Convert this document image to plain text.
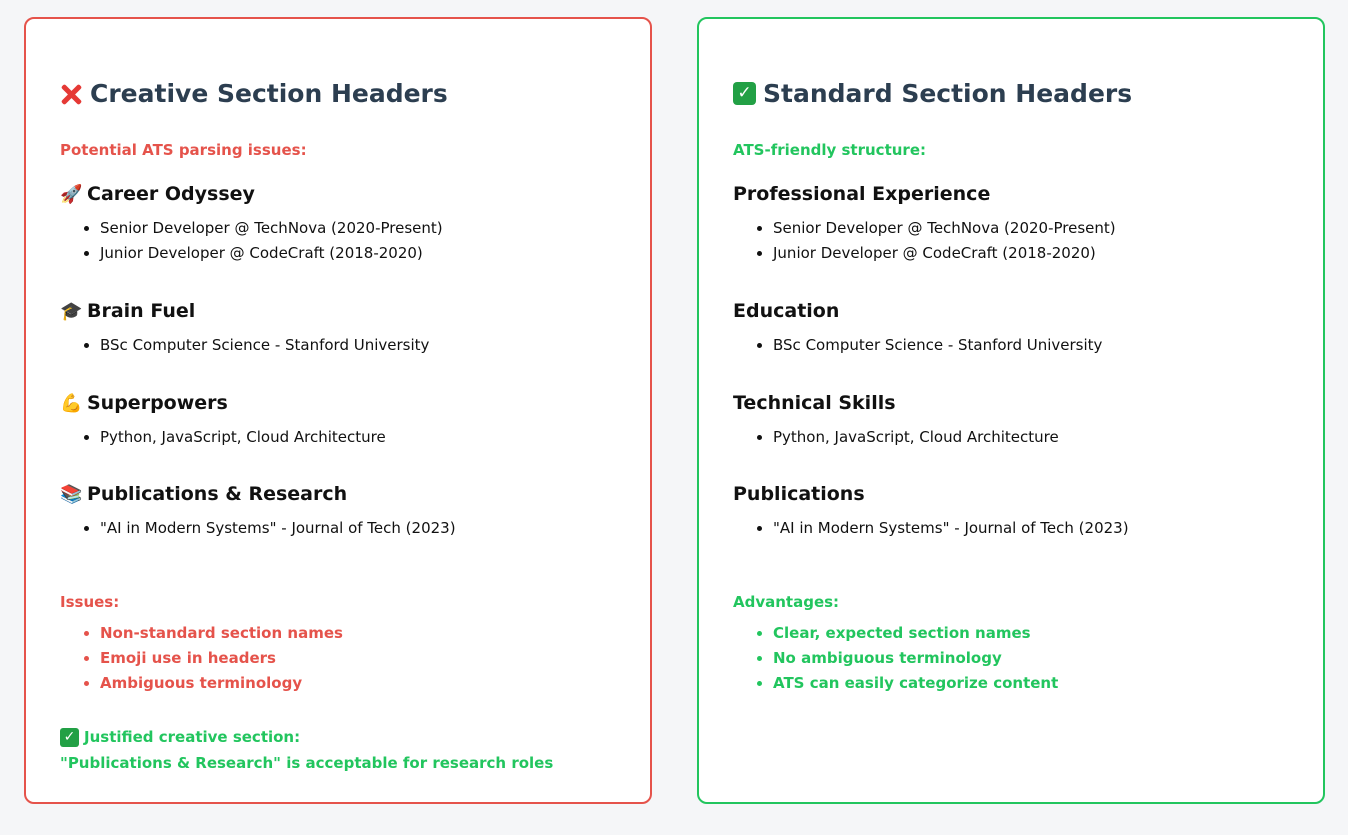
Creative Section Headers

Potential ATS parsing issues:

🚀 Career Odyssey

• Senior Developer @ TechNova (2020-Present)
• Junior Developer @ CodeCraft (2018-2020)

🎓 Brain Fuel

• BSc Computer Science - Stanford University

💪 Superpowers

• Python, JavaScript, Cloud Architecture

📚 Publications & Research

• "AI in Modern Systems" - Journal of Tech (2023)

Issues:

• Non-standard section names
• Emoji use in headers
• Ambiguous terminology
✓ Justified creative section:
"Publications & Research" is acceptable for research roles
✓ Standard Section Headers

ATS-friendly structure:

Professional Experience

• Senior Developer @ TechNova (2020-Present)
• Junior Developer @ CodeCraft (2018-2020)

Education

• BSc Computer Science - Stanford University

Technical Skills

• Python, JavaScript, Cloud Architecture

Publications

• "AI in Modern Systems" - Journal of Tech (2023)

Advantages:

• Clear, expected section names
• No ambiguous terminology
• ATS can easily categorize content
